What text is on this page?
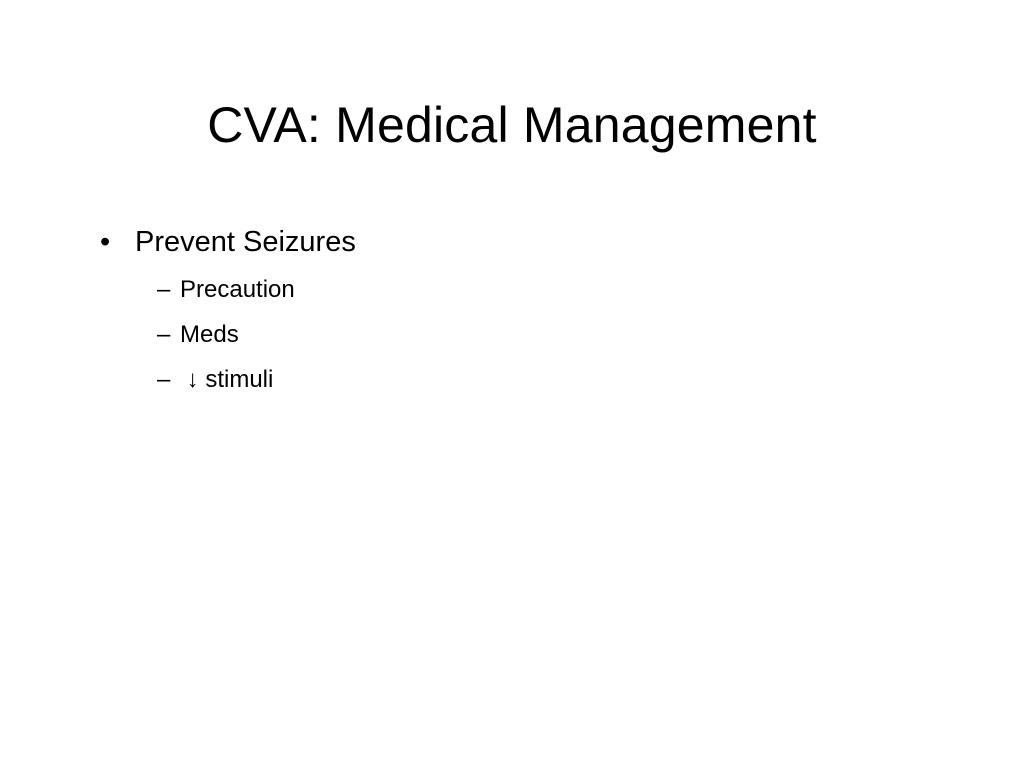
CVA: Medical Management
• Prevent Seizures
– Precaution
– Meds
– ↓ stimuli
